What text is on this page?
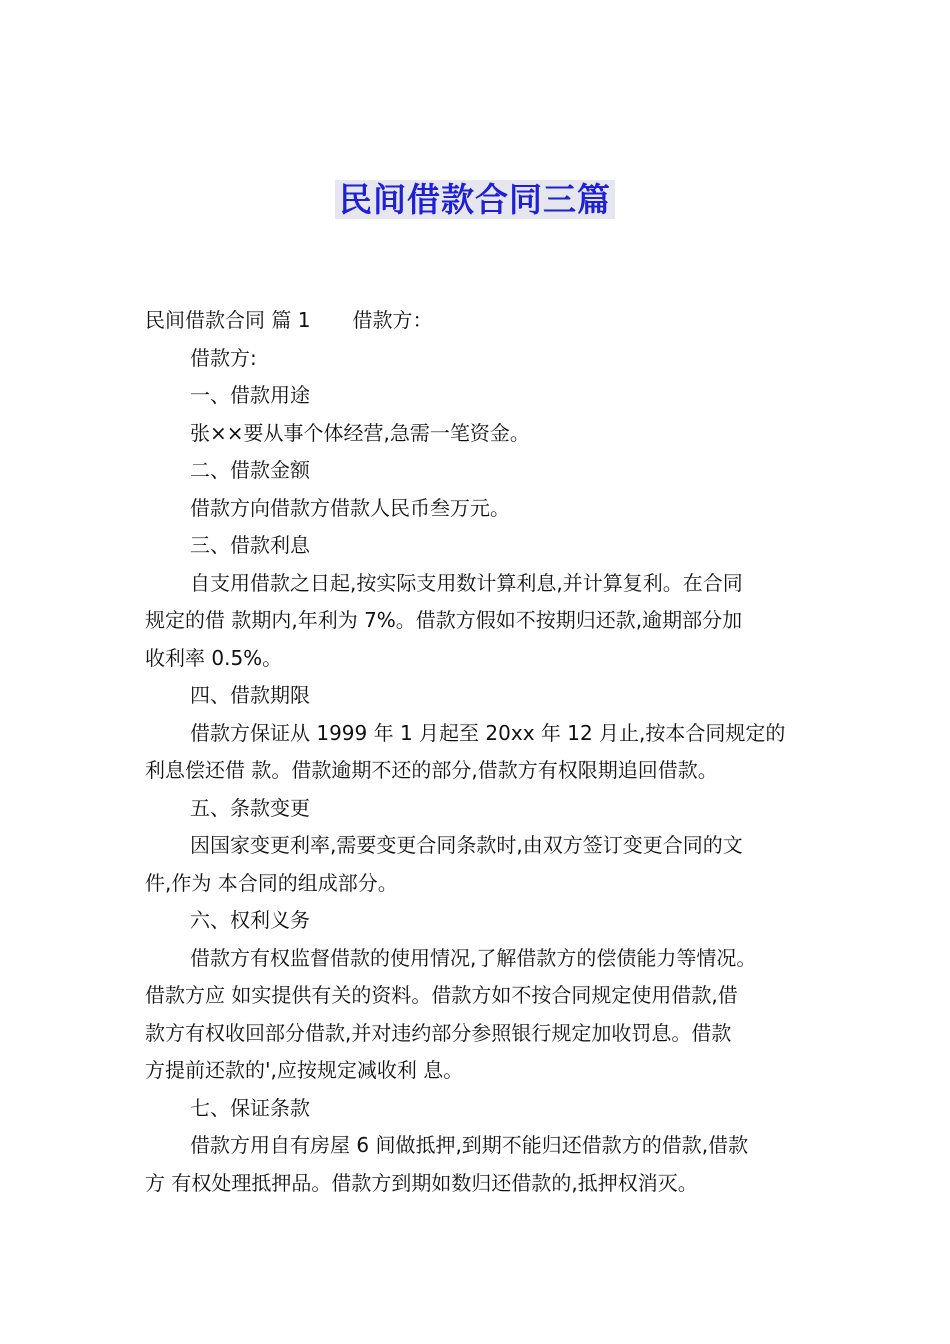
民间借款合同三篇
民间借款合同 篇 1 借款方：
借款方:
一、借款用途
张××要从事个体经营,急需一笔资金。
二、借款金额
借款方向借款方借款人民币叁万元。
三、借款利息
自支用借款之日起,按实际支用数计算利息,并计算复利。在合同
规定的借 款期内,年利为 7%。借款方假如不按期归还款,逾期部分加
收利率 0.5%。
四、借款期限
借款方保证从 1999 年 1 月起至 20xx 年 12 月止,按本合同规定的
利息偿还借 款。借款逾期不还的部分,借款方有权限期追回借款。
五、条款变更
因国家变更利率,需要变更合同条款时,由双方签订变更合同的文
件,作为 本合同的组成部分。
六、权利义务
借款方有权监督借款的使用情况,了解借款方的偿债能力等情况。
借款方应 如实提供有关的资料。借款方如不按合同规定使用借款,借
款方有权收回部分借款,并对违约部分参照银行规定加收罚息。借款
方提前还款的',应按规定减收利 息。
七、保证条款
借款方用自有房屋 6 间做抵押,到期不能归还借款方的借款,借款
方 有权处理抵押品。借款方到期如数归还借款的,抵押权消灭。
